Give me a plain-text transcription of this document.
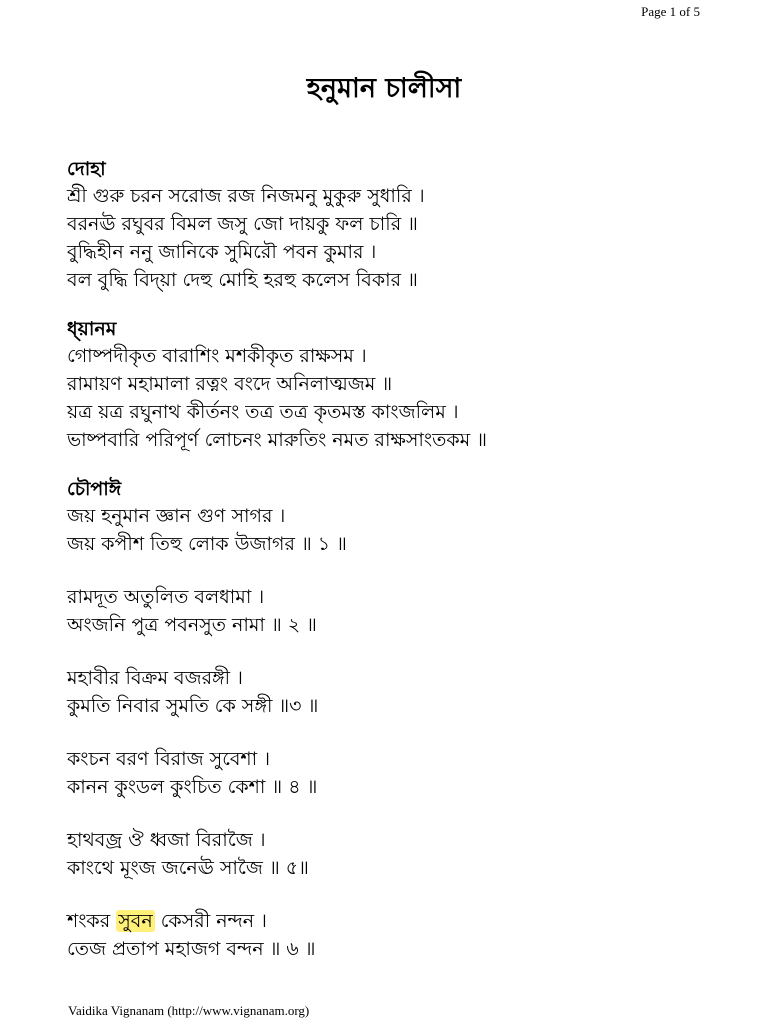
Page 1 of 5
হনুমান চালীসা
দোহা
শ্রী গুরু চরন সরোজ রজ নিজমনু মুকুরু সুধারি ।
বরনঊ রঘুবর বিমল জসু জো দায়কু ফল চারি ॥
বুদ্ধিহীন ননু জানিকে সুমিরৌ পবন কুমার ।
বল বুদ্ধি বিদ্য়া দেহু মোহি হরহু কলেস বিকার ॥
ধ্য়ানম
গোষ্পদীকৃত বারাশিং মশকীকৃত রাক্ষসম ।
রামায়ণ মহামালা রত্নং বংদে অনিলাত্মজম ॥
য়ত্র য়ত্র রঘুনাথ কীর্তনং তত্র তত্র কৃতমস্ত কাংজলিম ।
ভাষ্পবারি পরিপূর্ণ লোচনং মারুতিং নমত রাক্ষসাংতকম ॥
চৌপাঈ
জয় হনুমান জ্ঞান গুণ সাগর ।
জয় কপীশ তিহু লোক উজাগর ॥ ১ ॥
রামদূত অতুলিত বলধামা ।
অংজনি পুত্র পবনসুত নামা ॥ ২ ॥
মহাবীর বিক্রম বজরঙ্গী ।
কুমতি নিবার সুমতি কে সঙ্গী ॥৩ ॥
কংচন বরণ বিরাজ সুবেশা ।
কানন কুংডল কুংচিত কেশা ॥ ৪ ॥
হাথবজ্র ঔ ধ্বজা বিরাজৈ ।
কাংথে মূংজ জনেঊ সাজৈ ॥ ৫॥
শংকর সুবন কেসরী নন্দন ।
তেজ প্রতাপ মহাজগ বন্দন ॥ ৬ ॥
Vaidika Vignanam (http://www.vignanam.org)
